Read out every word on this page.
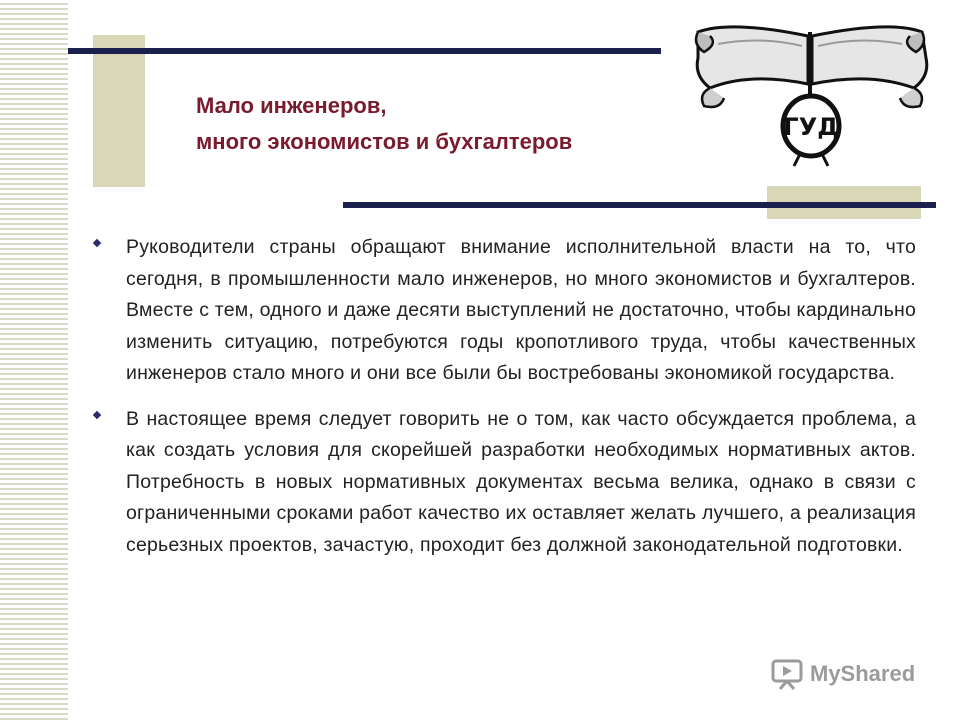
Мало инженеров,
много экономистов и бухгалтеров
ГУД
Руководители страны обращают внимание исполнительной власти на то, что сегодня, в промышленности мало инженеров, но много экономистов и бухгалтеров. Вместе с тем, одного и даже десяти выступлений не достаточно, чтобы кардинально изменить ситуацию, потребуются годы кропотливого труда, чтобы качественных инженеров стало много и они все были бы востребованы экономикой государства.
В настоящее время следует говорить не о том, как часто обсуждается проблема, а как создать условия для скорейшей разработки необходимых нормативных актов. Потребность в новых нормативных документах весьма велика, однако в связи с ограниченными сроками работ качество их оставляет желать лучшего, а реализация серьезных проектов, зачастую, проходит без должной законодательной подготовки.
MyShared
